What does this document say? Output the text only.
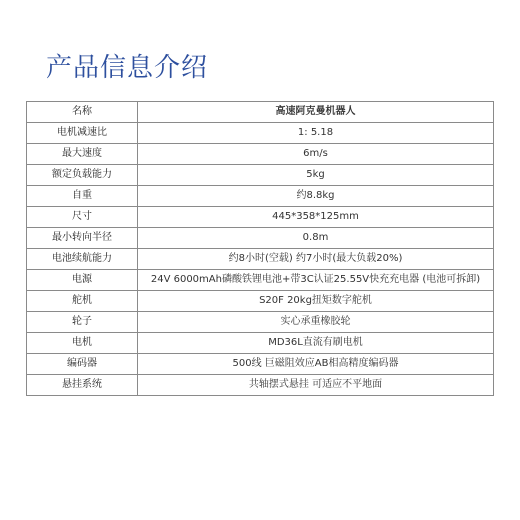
产品信息介绍
名称	高速阿克曼机器人
电机减速比	1: 5.18
最大速度	6m/s
额定负载能力	5kg
自重	约8.8kg
尺寸	445*358*125mm
最小转向半径	0.8m
电池续航能力	约8小时(空载) 约7小时(最大负载20%)
电源	24V 6000mAh磷酸铁锂电池+带3C认证25.55V快充充电器 (电池可拆卸)
舵机	S20F 20kg扭矩数字舵机
轮子	实心承重橡胶轮
电机	MD36L直流有刷电机
编码器	500线 巨磁阻效应AB相高精度编码器
悬挂系统	共轴摆式悬挂 可适应不平地面
